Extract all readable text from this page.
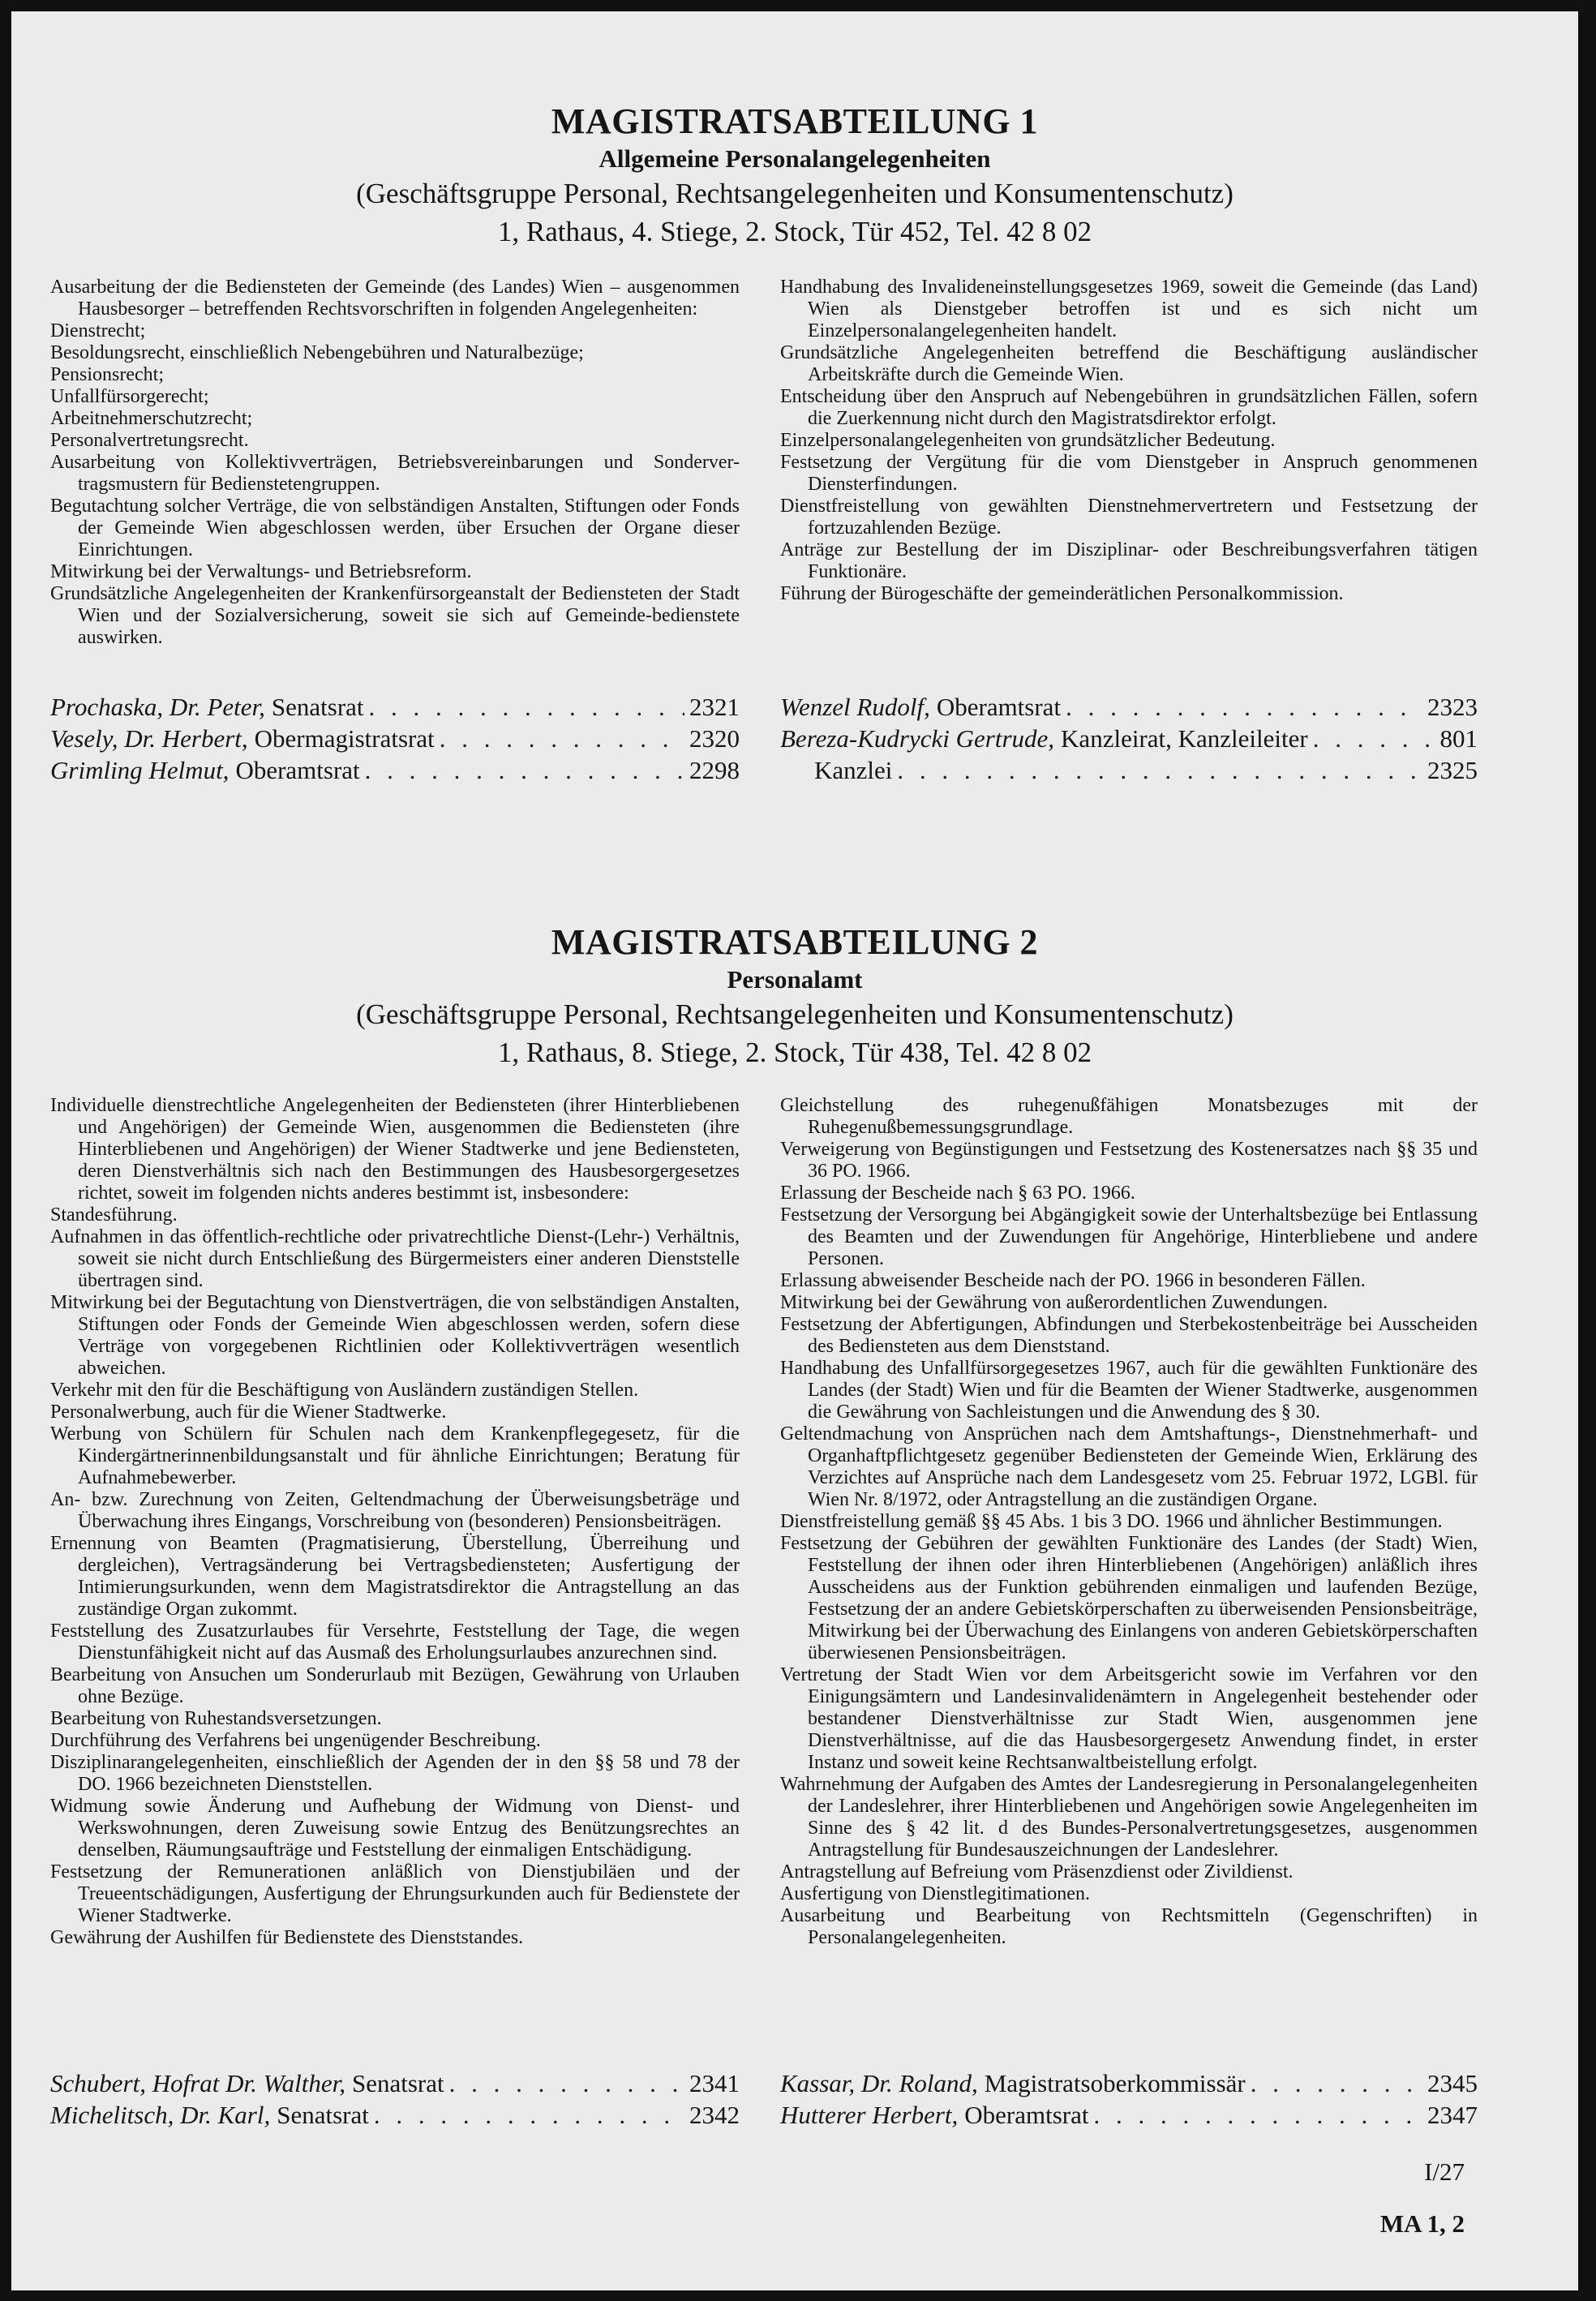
MAGISTRATSABTEILUNG 1
Allgemeine Personalangelegenheiten
(Geschäftsgruppe Personal, Rechtsangelegenheiten und Konsumentenschutz)
1, Rathaus, 4. Stiege, 2. Stock, Tür 452, Tel. 42 8 02
Ausarbeitung der die Bediensteten der Gemeinde (des Landes) Wien – ausgenommen Hausbesorger – betreffenden Rechtsvorschriften in folgenden Angelegenheiten:
Dienstrecht;
Besoldungsrecht, einschließlich Nebengebühren und Naturalbezüge;
Pensionsrecht;
Unfallfürsorgerecht;
Arbeitnehmerschutzrecht;
Personalvertretungsrecht.
Ausarbeitung von Kollektivverträgen, Betriebsvereinbarungen und Sonderver-tragsmustern für Bedienstetengruppen.
Begutachtung solcher Verträge, die von selbständigen Anstalten, Stiftungen oder Fonds der Gemeinde Wien abgeschlossen werden, über Ersuchen der Organe dieser Einrichtungen.
Mitwirkung bei der Verwaltungs- und Betriebsreform.
Grundsätzliche Angelegenheiten der Krankenfürsorgeanstalt der Bediensteten der Stadt Wien und der Sozialversicherung, soweit sie sich auf Gemeinde-bedienstete auswirken.
Handhabung des Invalideneinstellungsgesetzes 1969, soweit die Gemeinde (das Land) Wien als Dienstgeber betroffen ist und es sich nicht um Einzelpersonalangelegenheiten handelt.
Grundsätzliche Angelegenheiten betreffend die Beschäftigung ausländischer Arbeitskräfte durch die Gemeinde Wien.
Entscheidung über den Anspruch auf Nebengebühren in grundsätzlichen Fällen, sofern die Zuerkennung nicht durch den Magistratsdirektor erfolgt.
Einzelpersonalangelegenheiten von grundsätzlicher Bedeutung.
Festsetzung der Vergütung für die vom Dienstgeber in Anspruch genommenen Diensterfindungen.
Dienstfreistellung von gewählten Dienstnehmervertretern und Festsetzung der fortzuzahlenden Bezüge.
Anträge zur Bestellung der im Disziplinar- oder Beschreibungsverfahren tätigen Funktionäre.
Führung der Bürogeschäfte der gemeinderätlichen Personalkommission.
Prochaska, Dr. Peter, Senatsrat . . .	2321
Vesely, Dr. Herbert, Obermagistratsrat . . .	2320
Grimling Helmut, Oberamtsrat . . .	2298
Wenzel Rudolf, Oberamtsrat . . .	2323
Bereza-Kudrycki Gertrude, Kanzleirat, Kanzleileiter . . .	801
Kanzlei . . .	2325
MAGISTRATSABTEILUNG 2
Personalamt
(Geschäftsgruppe Personal, Rechtsangelegenheiten und Konsumentenschutz)
1, Rathaus, 8. Stiege, 2. Stock, Tür 438, Tel. 42 8 02
Individuelle dienstrechtliche Angelegenheiten der Bediensteten (ihrer Hinterbliebenen und Angehörigen) der Gemeinde Wien, ausgenommen die Bediensteten (ihre Hinterbliebenen und Angehörigen) der Wiener Stadtwerke und jene Bediensteten, deren Dienstverhältnis sich nach den Bestimmungen des Hausbesorgergesetzes richtet, soweit im folgenden nichts anderes bestimmt ist, insbesondere:
Standesführung.
Aufnahmen in das öffentlich-rechtliche oder privatrechtliche Dienst-(Lehr-) Verhältnis, soweit sie nicht durch Entschließung des Bürgermeisters einer anderen Dienststelle übertragen sind.
Mitwirkung bei der Begutachtung von Dienstverträgen, die von selbständigen Anstalten, Stiftungen oder Fonds der Gemeinde Wien abgeschlossen werden, sofern diese Verträge von vorgegebenen Richtlinien oder Kollektivverträgen wesentlich abweichen.
Verkehr mit den für die Beschäftigung von Ausländern zuständigen Stellen.
Personalwerbung, auch für die Wiener Stadtwerke.
Werbung von Schülern für Schulen nach dem Krankenpflegegesetz, für die Kindergärtnerinnenbildungsanstalt und für ähnliche Einrichtungen; Beratung für Aufnahmebewerber.
An- bzw. Zurechnung von Zeiten, Geltendmachung der Überweisungsbeträge und Überwachung ihres Eingangs, Vorschreibung von (besonderen) Pensionsbeiträgen.
Ernennung von Beamten (Pragmatisierung, Überstellung, Überreihung und dergleichen), Vertragsänderung bei Vertragsbediensteten; Ausfertigung der Intimierungsurkunden, wenn dem Magistratsdirektor die Antragstellung an das zuständige Organ zukommt.
Feststellung des Zusatzurlaubes für Versehrte, Feststellung der Tage, die wegen Dienstunfähigkeit nicht auf das Ausmaß des Erholungsurlaubes anzurechnen sind.
Bearbeitung von Ansuchen um Sonderurlaub mit Bezügen, Gewährung von Urlauben ohne Bezüge.
Bearbeitung von Ruhestandsversetzungen.
Durchführung des Verfahrens bei ungenügender Beschreibung.
Disziplinarangelegenheiten, einschließlich der Agenden der in den §§ 58 und 78 der DO. 1966 bezeichneten Dienststellen.
Widmung sowie Änderung und Aufhebung der Widmung von Dienst- und Werkswohnungen, deren Zuweisung sowie Entzug des Benützungsrechtes an denselben, Räumungsaufträge und Feststellung der einmaligen Entschädigung.
Festsetzung der Remunerationen anläßlich von Dienstjubiläen und der Treueentschädigungen, Ausfertigung der Ehrungsurkunden auch für Bedienstete der Wiener Stadtwerke.
Gewährung der Aushilfen für Bedienstete des Dienststandes.
Gleichstellung des ruhegenußfähigen Monatsbezuges mit der Ruhegenußbemessungsgrundlage.
Verweigerung von Begünstigungen und Festsetzung des Kostenersatzes nach §§ 35 und 36 PO. 1966.
Erlassung der Bescheide nach § 63 PO. 1966.
Festsetzung der Versorgung bei Abgängigkeit sowie der Unterhaltsbezüge bei Entlassung des Beamten und der Zuwendungen für Angehörige, Hinterbliebene und andere Personen.
Erlassung abweisender Bescheide nach der PO. 1966 in besonderen Fällen.
Mitwirkung bei der Gewährung von außerordentlichen Zuwendungen.
Festsetzung der Abfertigungen, Abfindungen und Sterbekostenbeiträge bei Ausscheiden des Bediensteten aus dem Dienststand.
Handhabung des Unfallfürsorgegesetzes 1967, auch für die gewählten Funktionäre des Landes (der Stadt) Wien und für die Beamten der Wiener Stadtwerke, ausgenommen die Gewährung von Sachleistungen und die Anwendung des § 30.
Geltendmachung von Ansprüchen nach dem Amtshaftungs-, Dienstnehmerhaft- und Organhaftpflichtgesetz gegenüber Bediensteten der Gemeinde Wien, Erklärung des Verzichtes auf Ansprüche nach dem Landesgesetz vom 25. Februar 1972, LGBl. für Wien Nr. 8/1972, oder Antragstellung an die zuständigen Organe.
Dienstfreistellung gemäß §§ 45 Abs. 1 bis 3 DO. 1966 und ähnlicher Bestimmungen.
Festsetzung der Gebühren der gewählten Funktionäre des Landes (der Stadt) Wien, Feststellung der ihnen oder ihren Hinterbliebenen (Angehörigen) anläßlich ihres Ausscheidens aus der Funktion gebührenden einmaligen und laufenden Bezüge, Festsetzung der an andere Gebietskörperschaften zu überweisenden Pensionsbeiträge, Mitwirkung bei der Überwachung des Einlangens von anderen Gebietskörperschaften überwiesenen Pensionsbeiträgen.
Vertretung der Stadt Wien vor dem Arbeitsgericht sowie im Verfahren vor den Einigungsämtern und Landesinvalidenämtern in Angelegenheit bestehender oder bestandener Dienstverhältnisse zur Stadt Wien, ausgenommen jene Dienstverhältnisse, auf die das Hausbesorgergesetz Anwendung findet, in erster Instanz und soweit keine Rechtsanwaltbeistellung erfolgt.
Wahrnehmung der Aufgaben des Amtes der Landesregierung in Personalangelegenheiten der Landeslehrer, ihrer Hinterbliebenen und Angehörigen sowie Angelegenheiten im Sinne des § 42 lit. d des Bundes-Personalvertretungsgesetzes, ausgenommen Antragstellung für Bundesauszeichnungen der Landeslehrer.
Antragstellung auf Befreiung vom Präsenzdienst oder Zivildienst.
Ausfertigung von Dienstlegitimationen.
Ausarbeitung und Bearbeitung von Rechtsmitteln (Gegenschriften) in Personalangelegenheiten.
Schubert, Hofrat Dr. Walther, Senatsrat . . .	2341
Michelitsch, Dr. Karl, Senatsrat . . .	2342
Kassar, Dr. Roland, Magistratsoberkommissär . . .	2345
Hutterer Herbert, Oberamtsrat . . .	2347
I/27
MA 1, 2
